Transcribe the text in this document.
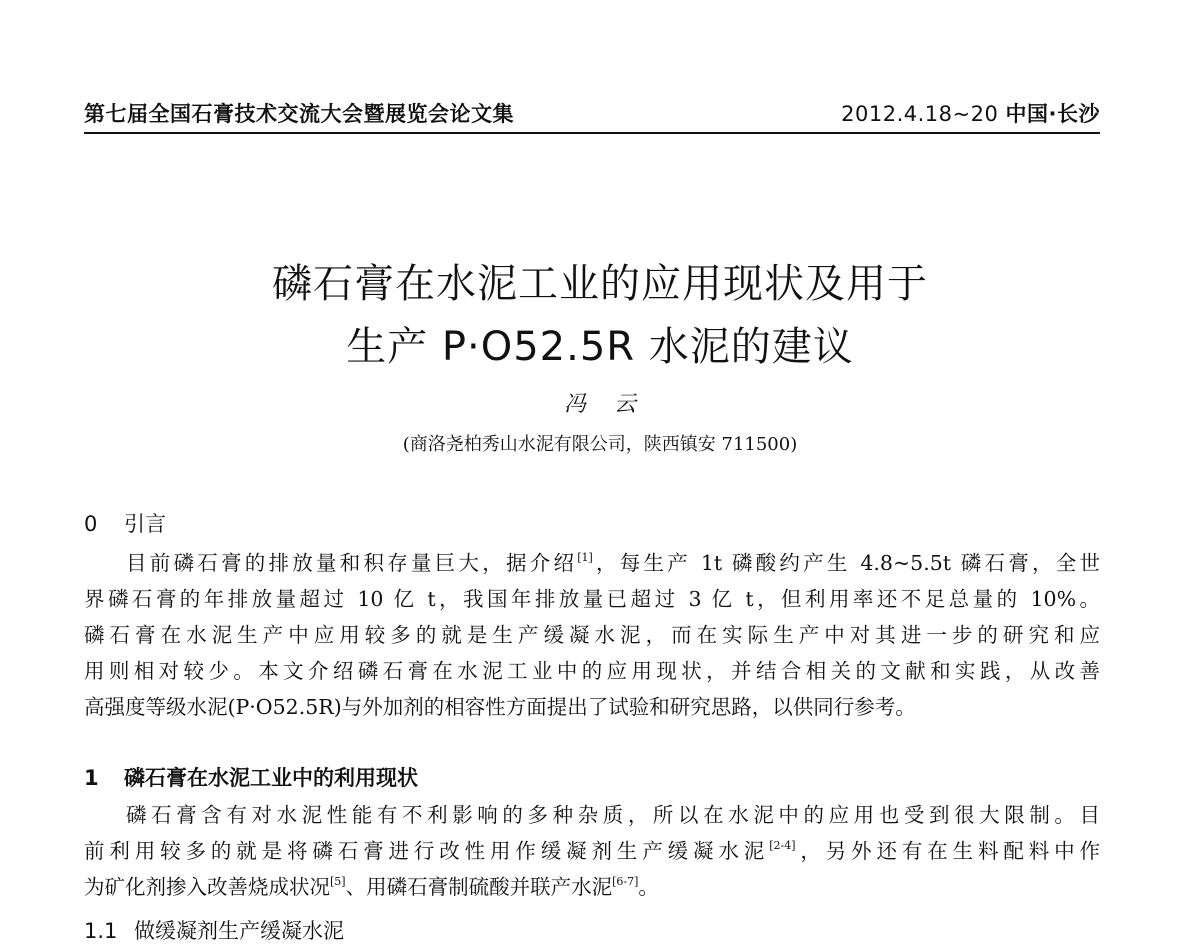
第七届全国石膏技术交流大会暨展览会论文集	2012.4.18~20 中国·长沙
磷石膏在水泥工业的应用现状及用于
生产 P·O52.5R 水泥的建议
冯云
(商洛尧柏秀山水泥有限公司，陕西镇安 711500)
0 引言
目前磷石膏的排放量和积存量巨大，据介绍[1]，每生产 1t 磷酸约产生 4.8~5.5t 磷石膏，全世
界磷石膏的年排放量超过 10 亿 t，我国年排放量已超过 3 亿 t，但利用率还不足总量的 10%。
磷石膏在水泥生产中应用较多的就是生产缓凝水泥，而在实际生产中对其进一步的研究和应
用则相对较少。本文介绍磷石膏在水泥工业中的应用现状，并结合相关的文献和实践，从改善
高强度等级水泥(P·O52.5R)与外加剂的相容性方面提出了试验和研究思路，以供同行参考。
1 磷石膏在水泥工业中的利用现状
磷石膏含有对水泥性能有不利影响的多种杂质，所以在水泥中的应用也受到很大限制。目
前利用较多的就是将磷石膏进行改性用作缓凝剂生产缓凝水泥[2-4]，另外还有在生料配料中作
为矿化剂掺入改善烧成状况[5]、用磷石膏制硫酸并联产水泥[6-7]。
1.1 做缓凝剂生产缓凝水泥
